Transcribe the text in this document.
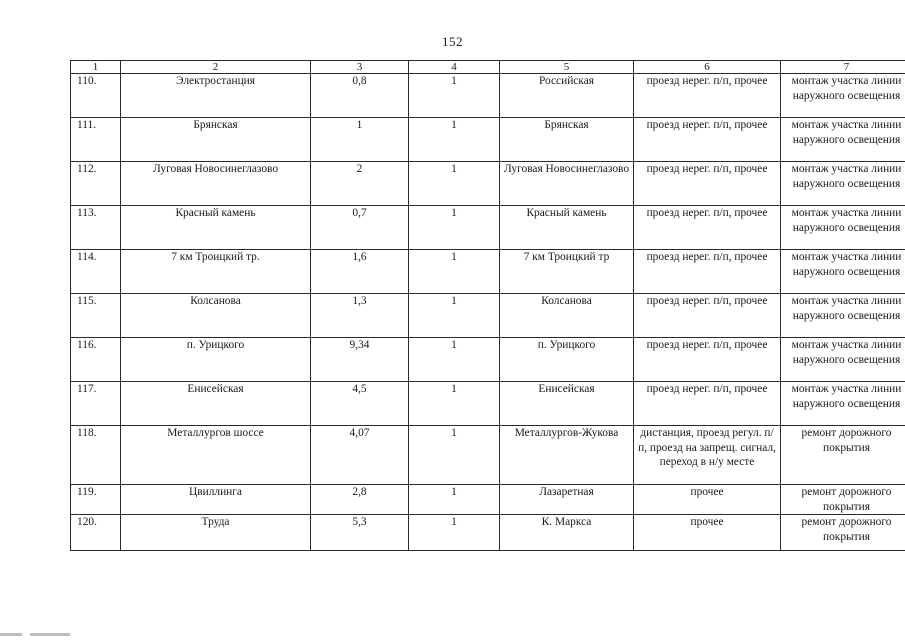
152
1	2	3	4	5	6	7
110.	Электростанция	0,8	1	Российская	проезд нерег. п/п, прочее	монтаж участка линии наружного освещения
111.	Брянская	1	1	Брянская	проезд нерег. п/п, прочее	монтаж участка линии наружного освещения
112.	Луговая Новосинеглазово	2	1	Луговая Новосинеглазово	проезд нерег. п/п, прочее	монтаж участка линии наружного освещения
113.	Красный камень	0,7	1	Красный камень	проезд нерег. п/п, прочее	монтаж участка линии наружного освещения
114.	7 км Троицкий тр.	1,6	1	7 км Троицкий тр	проезд нерег. п/п, прочее	монтаж участка линии наружного освещения
115.	Колсанова	1,3	1	Колсанова	проезд нерег. п/п, прочее	монтаж участка линии наружного освещения
116.	п. Урицкого	9,34	1	п. Урицкого	проезд нерег. п/п, прочее	монтаж участка линии наружного освещения
117.	Енисейская	4,5	1	Енисейская	проезд нерег. п/п, прочее	монтаж участка линии наружного освещения
118.	Металлургов шоссе	4,07	1	Металлургов-Жукова	дистанция, проезд регул. п/п, проезд на запрещ. сигнал, переход в н/у месте	ремонт дорожного покрытия
119.	Цвиллинга	2,8	1	Лазаретная	прочее	ремонт дорожного покрытия
120.	Труда	5,3	1	К. Маркса	прочее	ремонт дорожного покрытия
